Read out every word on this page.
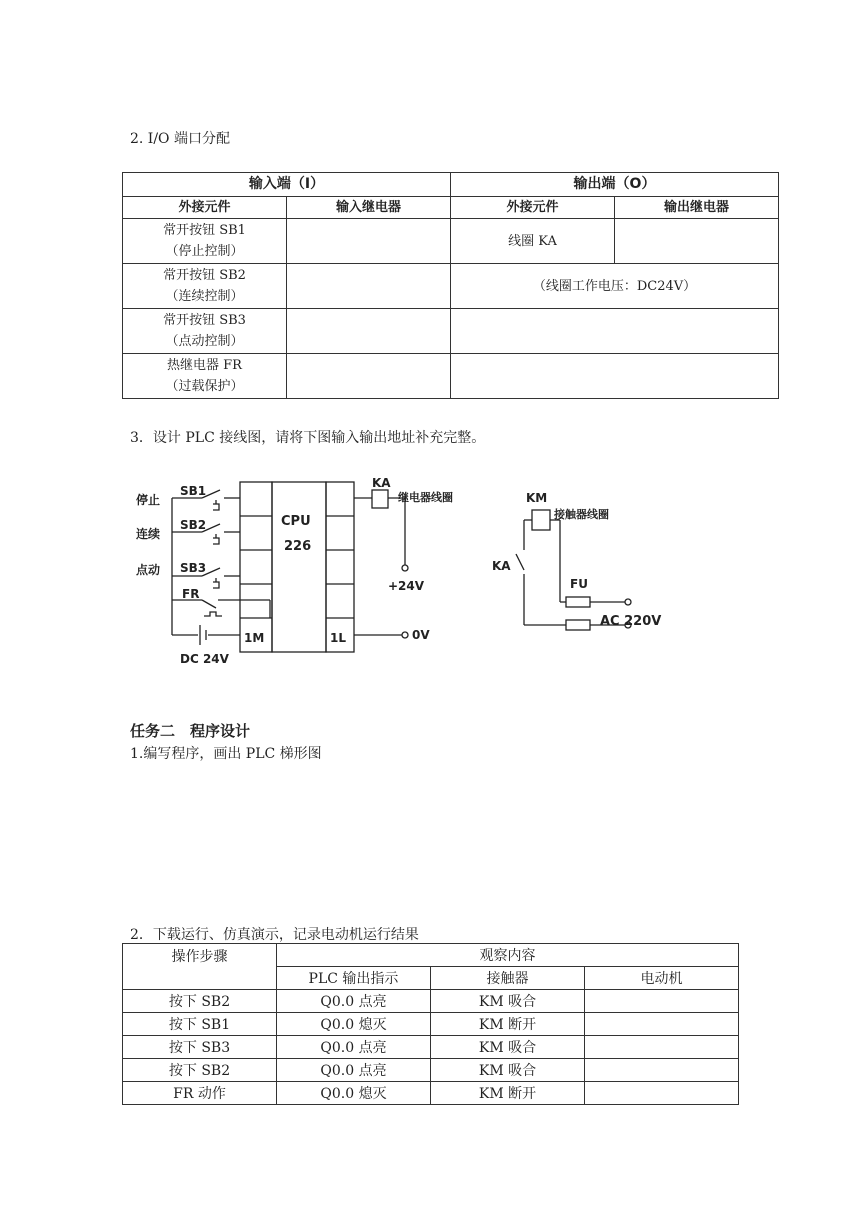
2. I/O 端口分配
输入端（I）		输出端（O）	
外接元件	输入继电器	外接元件	输出继电器
常开按钮 SB1
（停止控制）		线圈 KA	
常开按钮 SB2
（连续控制）		（线圈工作电压：DC24V）	
常开按钮 SB3
（点动控制）			
热继电器 FR
（过载保护）			
3．设计 PLC 接线图，请将下图输入输出地址补充完整。
停止
连续
点动
SB1
SB2
SB3
FR
CPU
226
1M	1L
DC 24V
KA
继电器线圈
+24V
0V
KM
接触器线圈
KA
FU
AC 220V
任务二　程序设计
1.编写程序，画出 PLC 梯形图
2．下载运行、仿真演示，记录电动机运行结果
操作步骤	观察内容		
	PLC 输出指示	接触器	电动机
按下 SB2	Q0.0 点亮	KM 吸合	
按下 SB1	Q0.0 熄灭	KM 断开	
按下 SB3	Q0.0 点亮	KM 吸合	
按下 SB2	Q0.0 点亮	KM 吸合	
FR 动作	Q0.0 熄灭	KM 断开	
